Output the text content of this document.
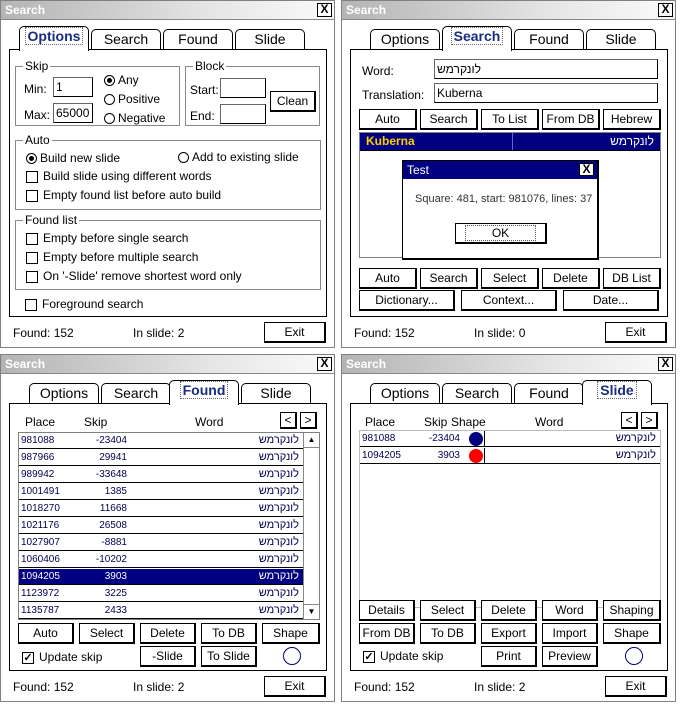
Search	X
Options	Search	Found	Slide
Skip
Min: 1
Max: 65000
Any
Positive
Negative
Block
Start:
End:
Clean
Auto
Build new slide	Add to existing slide
Build slide using different words
Empty found list before auto build
Found list
Empty before single search
Empty before multiple search
On '-Slide' remove shortest word only
Foreground search
Found: 152	In slide: 2	Exit
Search	X
Options	Search	Found	Slide
Word:	לונקרמש
Translation: Kuberna
Auto	Search	To List	From DB	Hebrew
Kuberna	לונקרמש
Test	X
Square: 481, start: 981076, lines: 37
OK
Auto	Search	Select	Delete	DB List
Dictionary...	Context...	Date...
Found: 152	In slide: 0	Exit
Search	X
Options	Search	Found	Slide
Place Skip	Word	<	>
1135787	2433	לונקרמש
1123972	3225	לונקרמש
1094205	3903	לונקרמש
1060406	-10202	לונקרמש
1027907	-8881	לונקרמש
1021176	26508	לונקרמש
1018270	11668	לונקרמש
1001491	1385	לונקרמש
989942	-33648	לונקרמש
987966	29941	לונקרמש
981088	-23404	לונקרמש	▲
▼
Auto	Select	Delete	To DB	Shape
✓ Update skip	-Slide	To Slide
Found: 152	In slide: 2	Exit
Search	X
Options	Search	Found	Slide
Place Skip Shape	Word	<	>
981088	-23404	לונקרמש
1094205	3903	לונקרמש
Details	Select	Delete	Word	Shaping
From DB	To DB	Export	Import	Shape
✓ Update skip	Print	Preview
Found: 152	In slide: 2	Exit
